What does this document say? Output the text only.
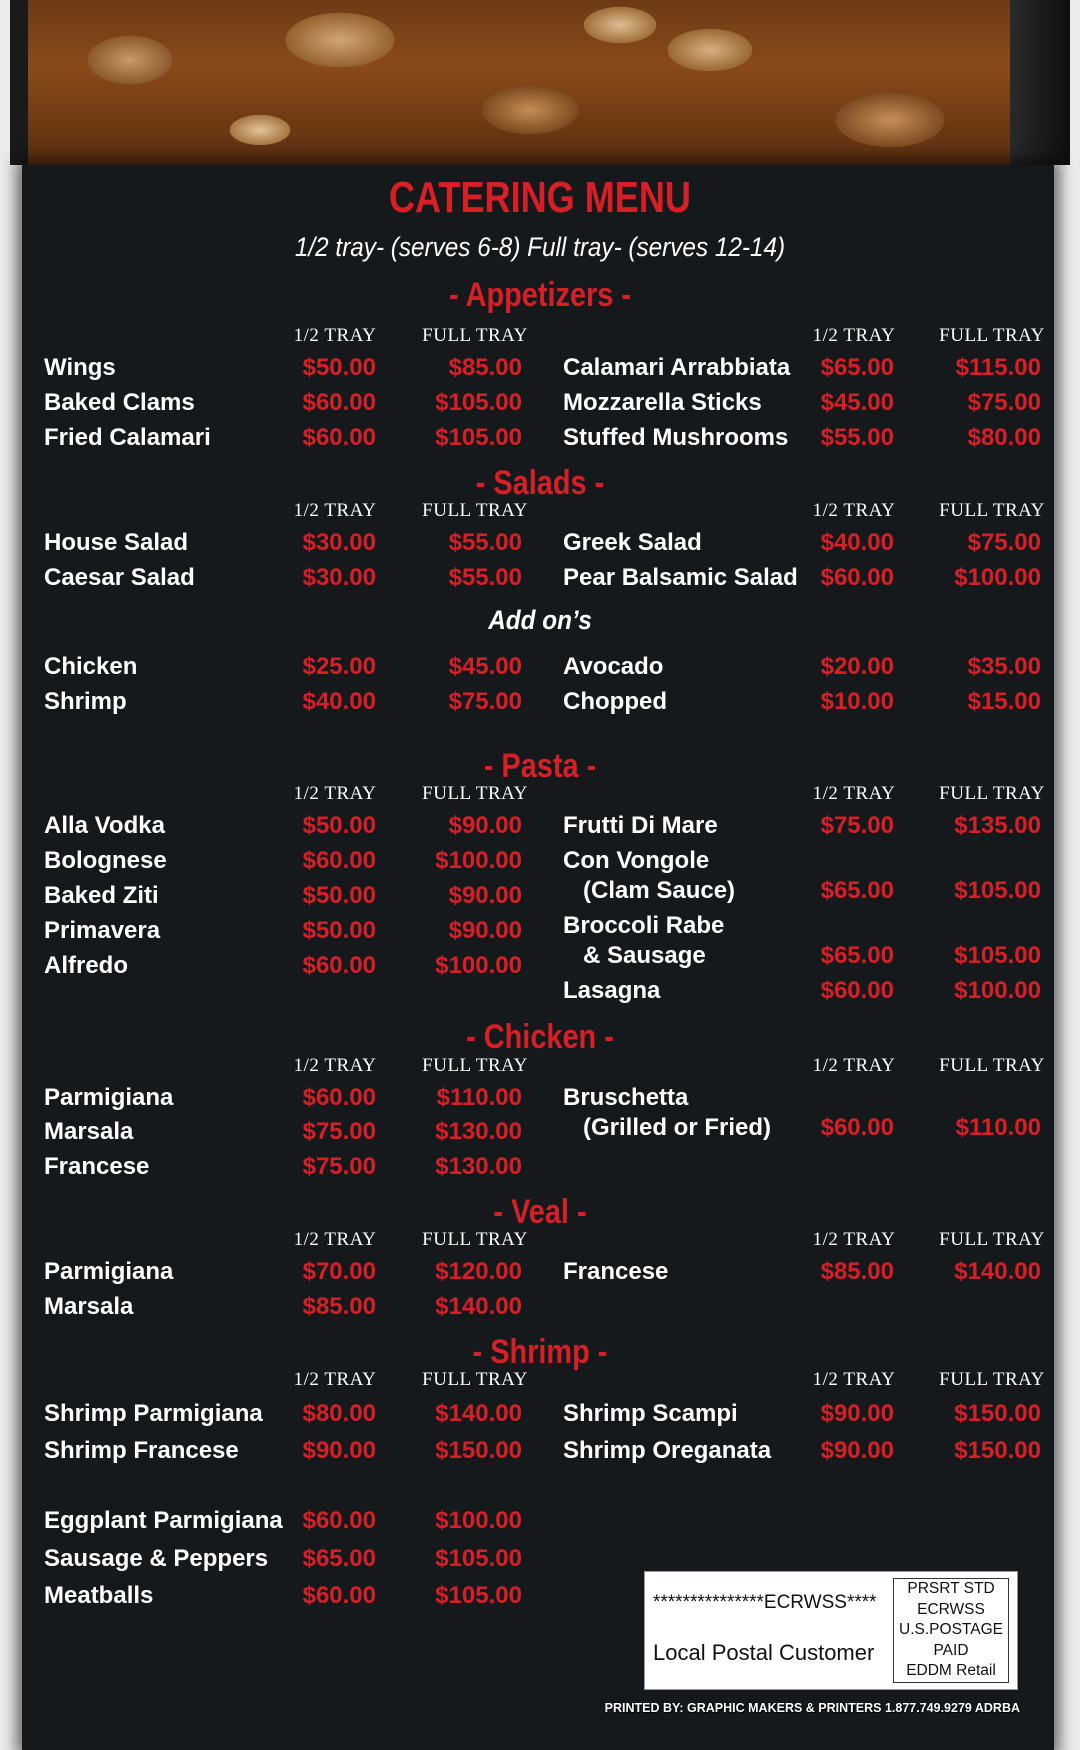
CATERING MENU
1/2 tray- (serves 6-8) Full tray- (serves 12-14)
- Appetizers -
1/2 TRAY	FULL TRAY	1/2 TRAY	FULL TRAY
Wings	$50.00	$85.00
Baked Clams	$60.00	$105.00
Fried Calamari	$60.00	$105.00
Calamari Arrabbiata	$65.00	$115.00
Mozzarella Sticks	$45.00	$75.00
Stuffed Mushrooms	$55.00	$80.00
- Salads -
1/2 TRAY	FULL TRAY	1/2 TRAY	FULL TRAY
House Salad	$30.00	$55.00
Caesar Salad	$30.00	$55.00
Greek Salad	$40.00	$75.00
Pear Balsamic Salad $60.00	$100.00
Add on’s
Chicken	$25.00	$45.00
Shrimp	$40.00	$75.00
Avocado	$20.00	$35.00
Chopped	$10.00	$15.00
- Pasta -
1/2 TRAY	FULL TRAY	1/2 TRAY	FULL TRAY
Alla Vodka	$50.00	$90.00
Bolognese	$60.00	$100.00
Baked Ziti	$50.00	$90.00
Primavera	$50.00	$90.00
Alfredo	$60.00	$100.00
Frutti Di Mare	$75.00	$135.00
Con Vongole
(Clam Sauce)	$65.00	$105.00
Broccoli Rabe
& Sausage	$65.00	$105.00
Lasagna	$60.00	$100.00
- Chicken -
1/2 TRAY	FULL TRAY	1/2 TRAY	FULL TRAY
Parmigiana	$60.00	$110.00
Marsala	$75.00	$130.00
Francese	$75.00	$130.00
Bruschetta
(Grilled or Fried)	$60.00	$110.00
- Veal -
1/2 TRAY	FULL TRAY	1/2 TRAY	FULL TRAY
Parmigiana	$70.00	$120.00
Marsala	$85.00	$140.00
Francese	$85.00	$140.00
- Shrimp -
1/2 TRAY	FULL TRAY	1/2 TRAY	FULL TRAY
Shrimp Parmigiana	$80.00	$140.00
Shrimp Francese	$90.00	$150.00
Shrimp Scampi	$90.00	$150.00
Shrimp Oreganata	$90.00	$150.00
Eggplant Parmigiana $60.00	$100.00
Sausage & Peppers	$65.00	$105.00
Meatballs	$60.00	$105.00	***************ECRWSS****
Local Postal Customer
PRSRT STD
ECRWSS
U.S.POSTAGE
PAID
EDDM Retail
PRINTED BY: GRAPHIC MAKERS & PRINTERS 1.877.749.9279 ADRBA
